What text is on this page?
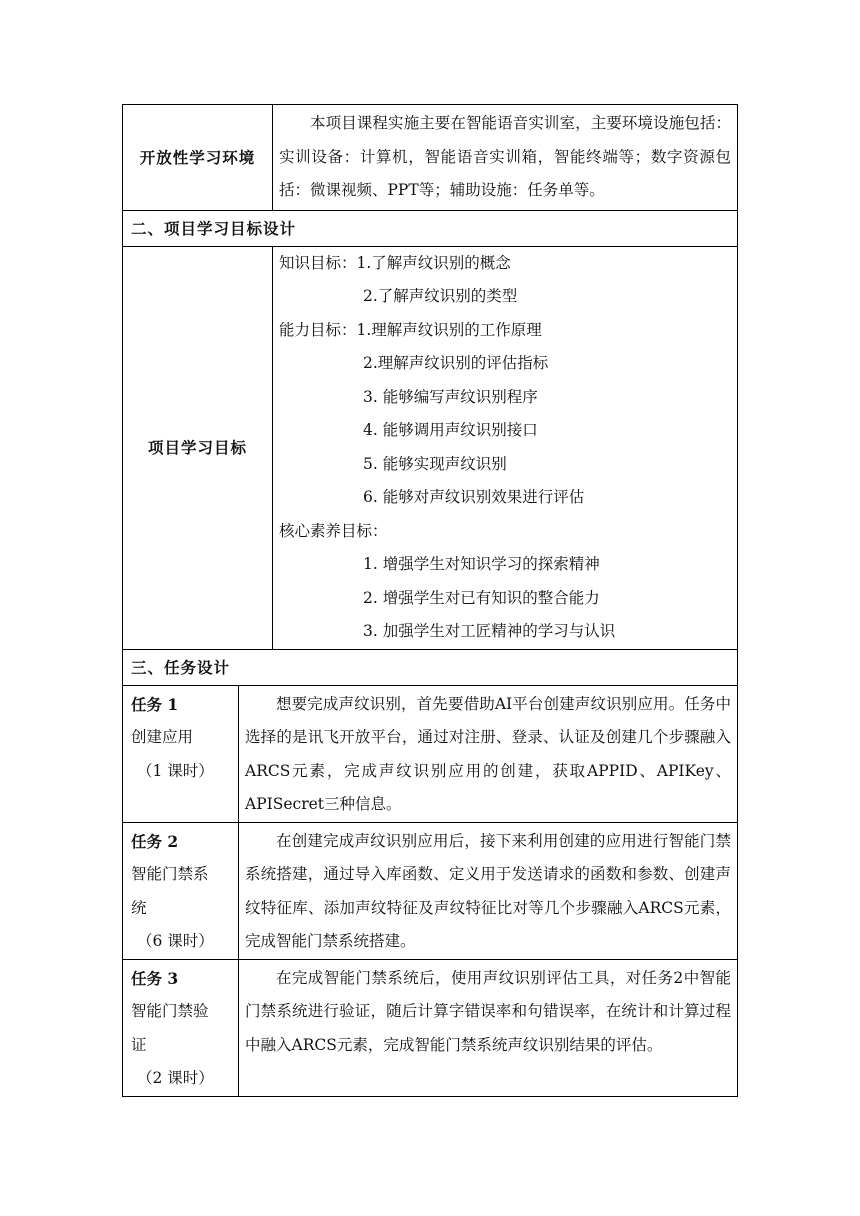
开放性学习环境
本项目课程实施主要在智能语音实训室，主要环境设施包括：实训设备：计算机，智能语音实训箱，智能终端等；数字资源包括：微课视频、PPT等；辅助设施：任务单等。
二、项目学习目标设计
项目学习目标
知识目标：1.了解声纹识别的概念
2.了解声纹识别的类型
能力目标：1.理解声纹识别的工作原理
2.理解声纹识别的评估指标
3. 能够编写声纹识别程序
4. 能够调用声纹识别接口
5. 能够实现声纹识别
6. 能够对声纹识别效果进行评估
核心素养目标：
1. 增强学生对知识学习的探索精神
2. 增强学生对已有知识的整合能力
3. 加强学生对工匠精神的学习与认识
三、任务设计
任务 1
创建应用
（1 课时）
想要完成声纹识别，首先要借助AI平台创建声纹识别应用。任务中选择的是讯飞开放平台，通过对注册、登录、认证及创建几个步骤融入ARCS元素，完成声纹识别应用的创建，获取APPID、APIKey、APISecret三种信息。
任务 2
智能门禁系
统
（6 课时）
在创建完成声纹识别应用后，接下来利用创建的应用进行智能门禁系统搭建，通过导入库函数、定义用于发送请求的函数和参数、创建声纹特征库、添加声纹特征及声纹特征比对等几个步骤融入ARCS元素，完成智能门禁系统搭建。
任务 3
智能门禁验
证
（2 课时）
在完成智能门禁系统后，使用声纹识别评估工具，对任务2中智能门禁系统进行验证，随后计算字错误率和句错误率，在统计和计算过程中融入ARCS元素，完成智能门禁系统声纹识别结果的评估。
